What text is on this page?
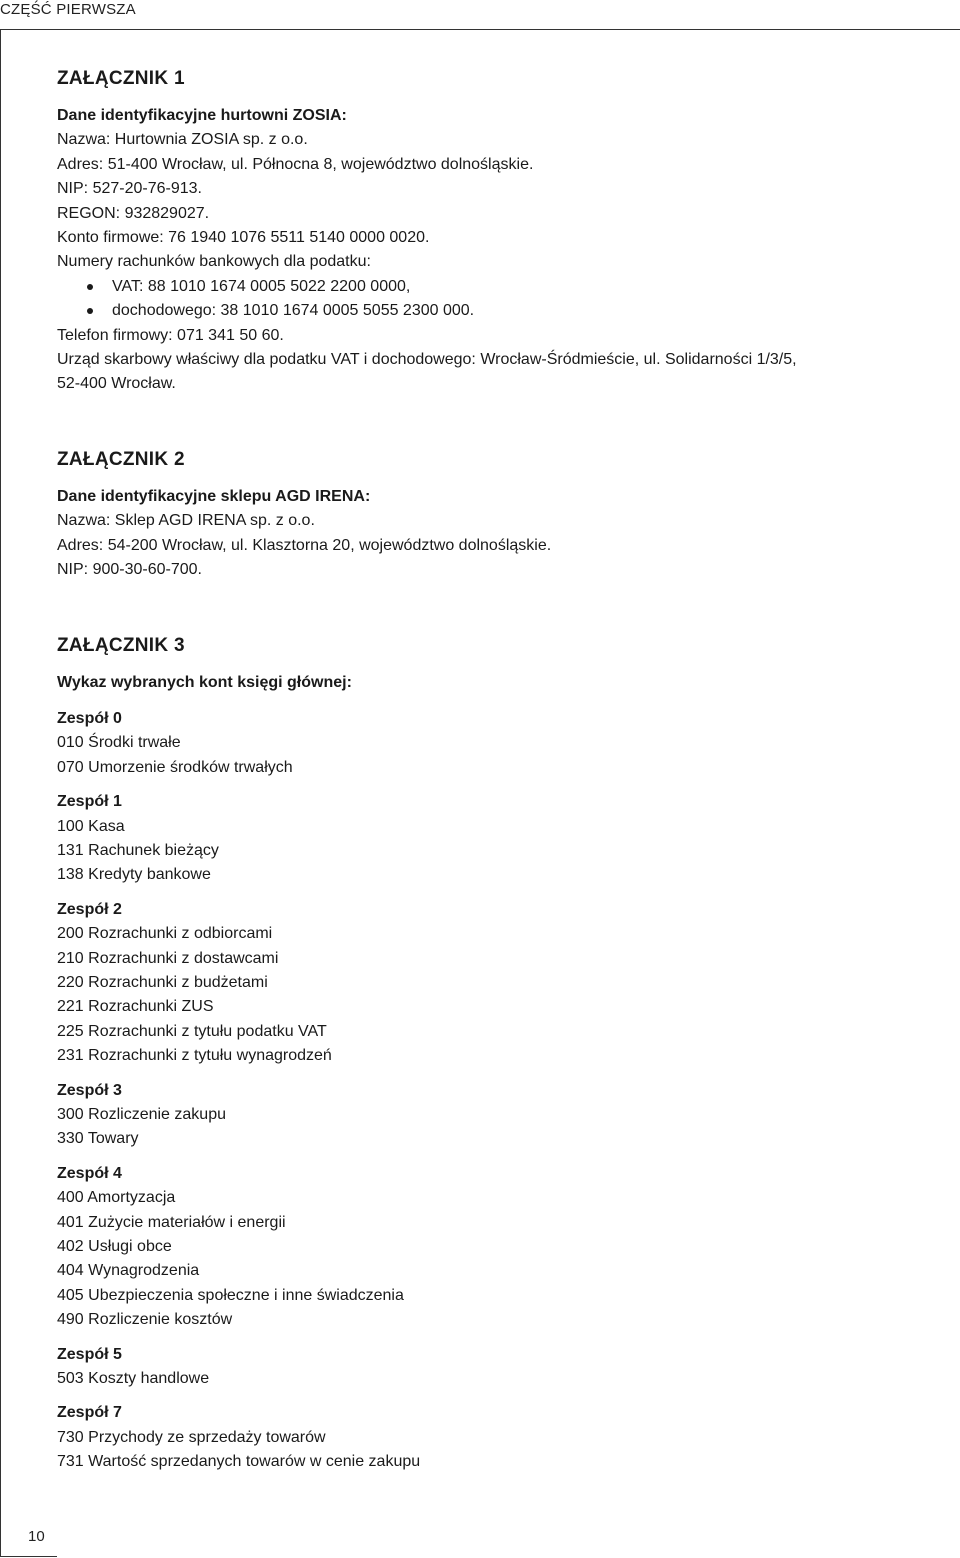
CZĘŚĆ PIERWSZA
10
ZAŁĄCZNIK 1

Dane identyfikacyjne hurtowni ZOSIA:

Nazwa: Hurtownia ZOSIA sp. z o.o.

Adres: 51-400 Wrocław, ul. Północna 8, województwo dolnośląskie.

NIP: 527-20-76-913.

REGON: 932829027.

Konto firmowe: 76 1940 1076 5511 5140 0000 0020.

Numery rachunków bankowych dla podatku:

VAT: 88 1010 1674 0005 5022 2200 0000,
dochodowego: 38 1010 1674 0005 5055 2300 000.

Telefon firmowy: 071 341 50 60.

Urząd skarbowy właściwy dla podatku VAT i dochodowego: Wrocław-Śródmieście, ul. Solidarności 1/3/5,

52-400 Wrocław.

ZAŁĄCZNIK 2

Dane identyfikacyjne sklepu AGD IRENA:

Nazwa: Sklep AGD IRENA sp. z o.o.

Adres: 54-200 Wrocław, ul. Klasztorna 20, województwo dolnośląskie.

NIP: 900-30-60-700.

ZAŁĄCZNIK 3

Wykaz wybranych kont księgi głównej:

Zespół 0

010 Środki trwałe

070 Umorzenie środków trwałych

Zespół 1

100 Kasa

131 Rachunek bieżący

138 Kredyty bankowe

Zespół 2

200 Rozrachunki z odbiorcami

210 Rozrachunki z dostawcami

220 Rozrachunki z budżetami

221 Rozrachunki ZUS

225 Rozrachunki z tytułu podatku VAT

231 Rozrachunki z tytułu wynagrodzeń

Zespół 3

300 Rozliczenie zakupu

330 Towary

Zespół 4

400 Amortyzacja

401 Zużycie materiałów i energii

402 Usługi obce

404 Wynagrodzenia

405 Ubezpieczenia społeczne i inne świadczenia

490 Rozliczenie kosztów

Zespół 5

503 Koszty handlowe

Zespół 7

730 Przychody ze sprzedaży towarów

731 Wartość sprzedanych towarów w cenie zakupu
